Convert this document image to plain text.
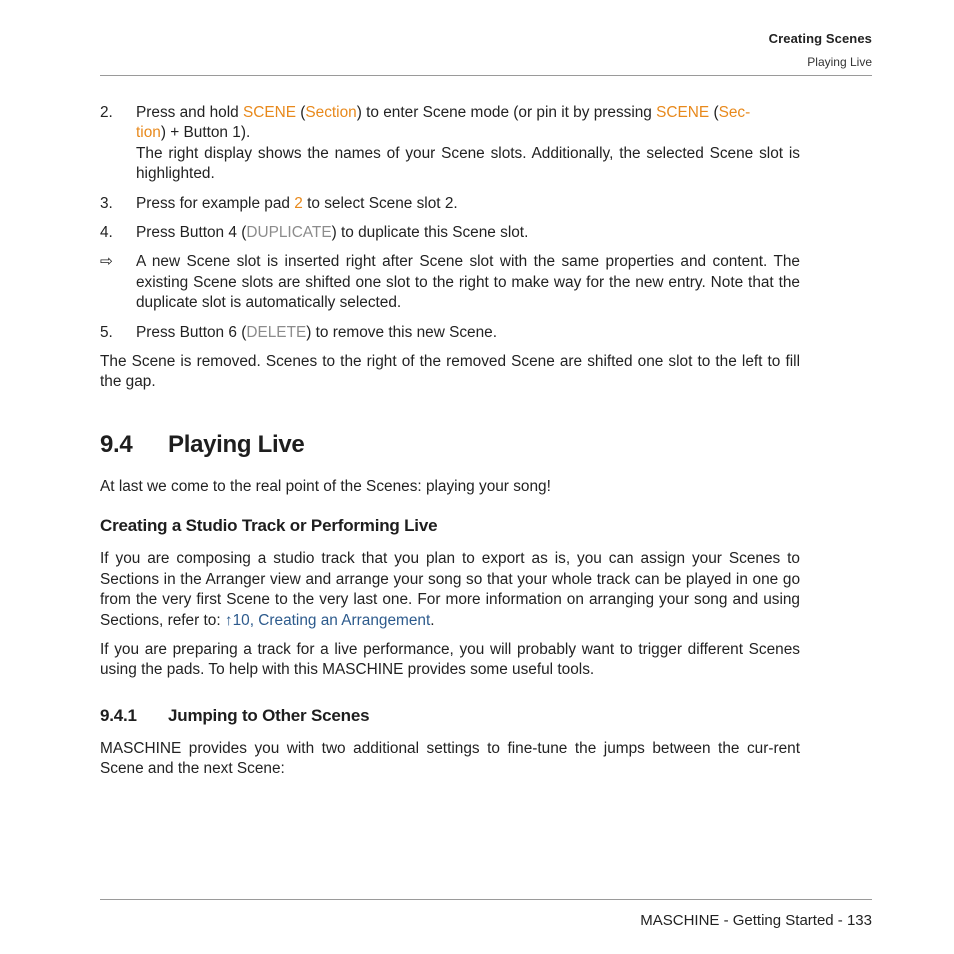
Creating Scenes
Playing Live
2. Press and hold SCENE (Section) to enter Scene mode (or pin it by pressing SCENE (Sec-
tion) + Button 1).
The right display shows the names of your Scene slots. Additionally, the selected Scene slot is highlighted.
3. Press for example pad 2 to select Scene slot 2.
4. Press Button 4 (DUPLICATE) to duplicate this Scene slot.
⇨ A new Scene slot is inserted right after Scene slot with the same properties and content. The existing Scene slots are shifted one slot to the right to make way for the new entry. Note that the duplicate slot is automatically selected.
5. Press Button 6 (DELETE) to remove this new Scene.

The Scene is removed. Scenes to the right of the removed Scene are shifted one slot to the left to fill the gap.

9.4	Playing Live

At last we come to the real point of the Scenes: playing your song!

Creating a Studio Track or Performing Live

If you are composing a studio track that you plan to export as is, you can assign your Scenes to Sections in the Arranger view and arrange your song so that your whole track can be played in one go from the very first Scene to the very last one. For more information on arranging your song and using Sections, refer to: ↑10, Creating an Arrangement.

If you are preparing a track for a live performance, you will probably want to trigger different Scenes using the pads. To help with this MASCHINE provides some useful tools.

9.4.1	Jumping to Other Scenes

MASCHINE provides you with two additional settings to fine-tune the jumps between the cur-rent Scene and the next Scene:

MASCHINE - Getting Started - 133
